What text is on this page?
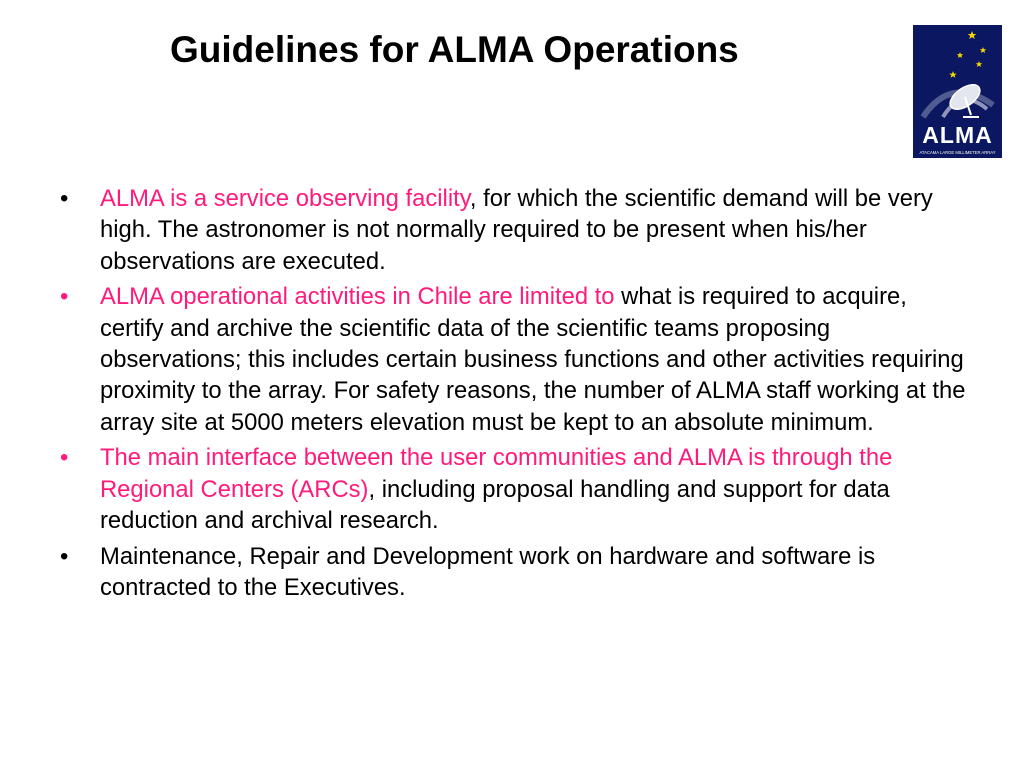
Guidelines for ALMA Operations
ALMA
ATACAMA LARGE MILLIMETER ARRAY
•	ALMA is a service observing facility, for which the scientific demand will be very high. The astronomer is not normally required to be present when his/her observations are executed.
•	ALMA operational activities in Chile are limited to what is required to acquire, certify and archive the scientific data of the scientific teams proposing observations; this includes certain business functions and other activities requiring proximity to the array. For safety reasons, the number of ALMA staff working at the array site at 5000 meters elevation must be kept to an absolute minimum.
•	The main interface between the user communities and ALMA is through the Regional Centers (ARCs), including proposal handling and support for data reduction and archival research.
•	Maintenance, Repair and Development work on hardware and software is contracted to the Executives.
